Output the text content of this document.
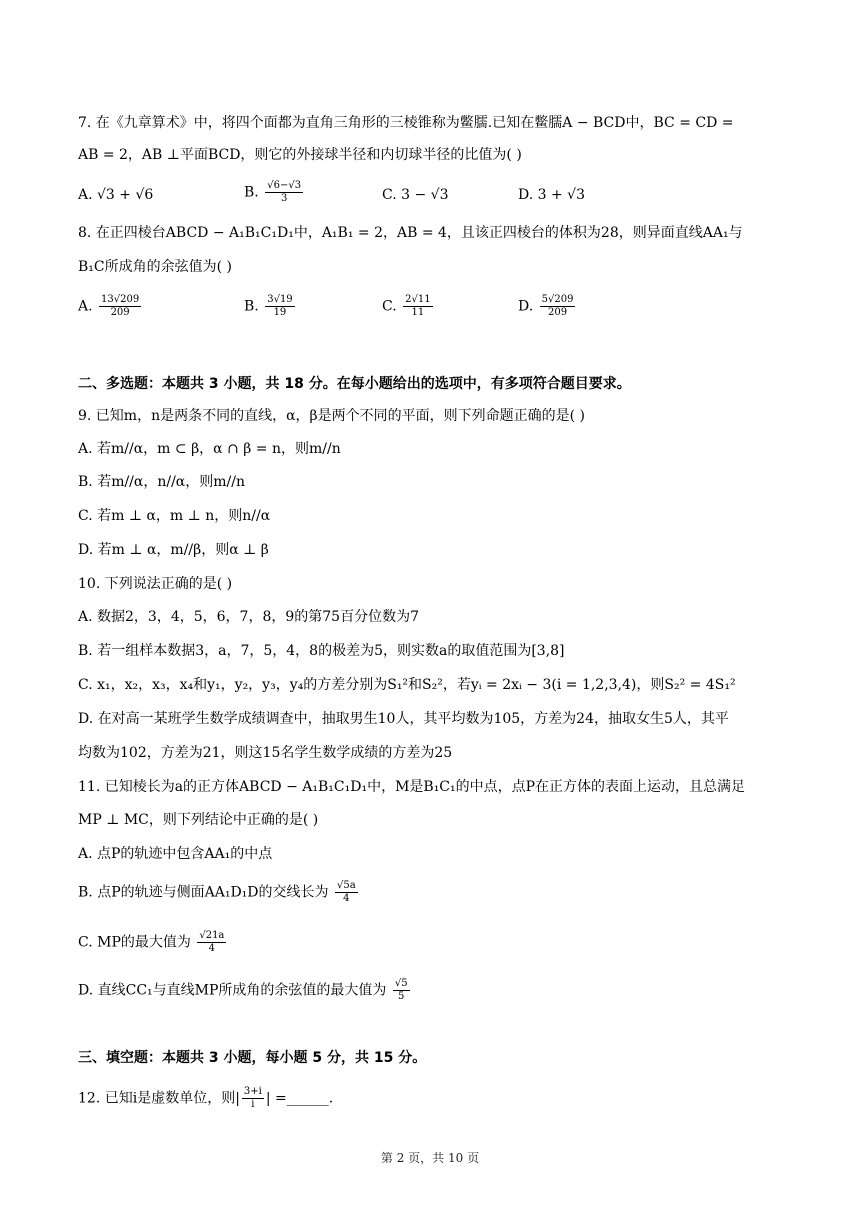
7. 在《九章算术》中，将四个面都为直角三角形的三棱锥称为鳖臑.已知在鳖臑A − BCD中，BC = CD =
AB = 2，AB ⊥平面BCD，则它的外接球半径和内切球半径的比值为( )
A. √3 + √6	B. $\frac{√6-√3}{3}$	C. 3 − √3	D. 3 + √3
8. 在正四棱台ABCD − A₁B₁C₁D₁中，A₁B₁ = 2，AB = 4，且该正四棱台的体积为28，则异面直线AA₁与
B₁C所成角的余弦值为( )
A. $\frac{13√209}{209}$	B. $\frac{3√19}{19}$	C. $\frac{2√11}{11}$	D. $\frac{5√209}{209}$
二、多选题：本题共 3 小题，共 18 分。在每小题给出的选项中，有多项符合题目要求。
9. 已知m，n是两条不同的直线，α，β是两个不同的平面，则下列命题正确的是( )
A. 若m//α，m ⊂ β，α ∩ β = n，则m//n
B. 若m//α，n//α，则m//n
C. 若m ⊥ α，m ⊥ n，则n//α
D. 若m ⊥ α，m//β，则α ⊥ β
10. 下列说法正确的是( )
A. 数据2，3，4，5，6，7，8，9的第75百分位数为7
B. 若一组样本数据3，a，7，5，4，8的极差为5，则实数a的取值范围为[3,8]
C. x₁，x₂，x₃，x₄和y₁，y₂，y₃，y₄的方差分别为S₁²和S₂²，若yᵢ = 2xᵢ − 3(i = 1,2,3,4)，则S₂² = 4S₁²
D. 在对高一某班学生数学成绩调查中，抽取男生10人，其平均数为105，方差为24，抽取女生5人，其平
均数为102，方差为21，则这15名学生数学成绩的方差为25
11. 已知棱长为a的正方体ABCD − A₁B₁C₁D₁中，M是B₁C₁的中点，点P在正方体的表面上运动，且总满足
MP ⊥ MC，则下列结论中正确的是( )
A. 点P的轨迹中包含AA₁的中点
B. 点P的轨迹与侧面AA₁D₁D的交线长为 $\frac{√5a}{4}$
C. MP的最大值为 $\frac{√21a}{4}$
D. 直线CC₁与直线MP所成角的余弦值的最大值为 $\frac{√5}{5}$
三、填空题：本题共 3 小题，每小题 5 分，共 15 分。
12. 已知i是虚数单位，则| $\frac{3+i}{i}$ | =______.
第 2 页，共 10 页
